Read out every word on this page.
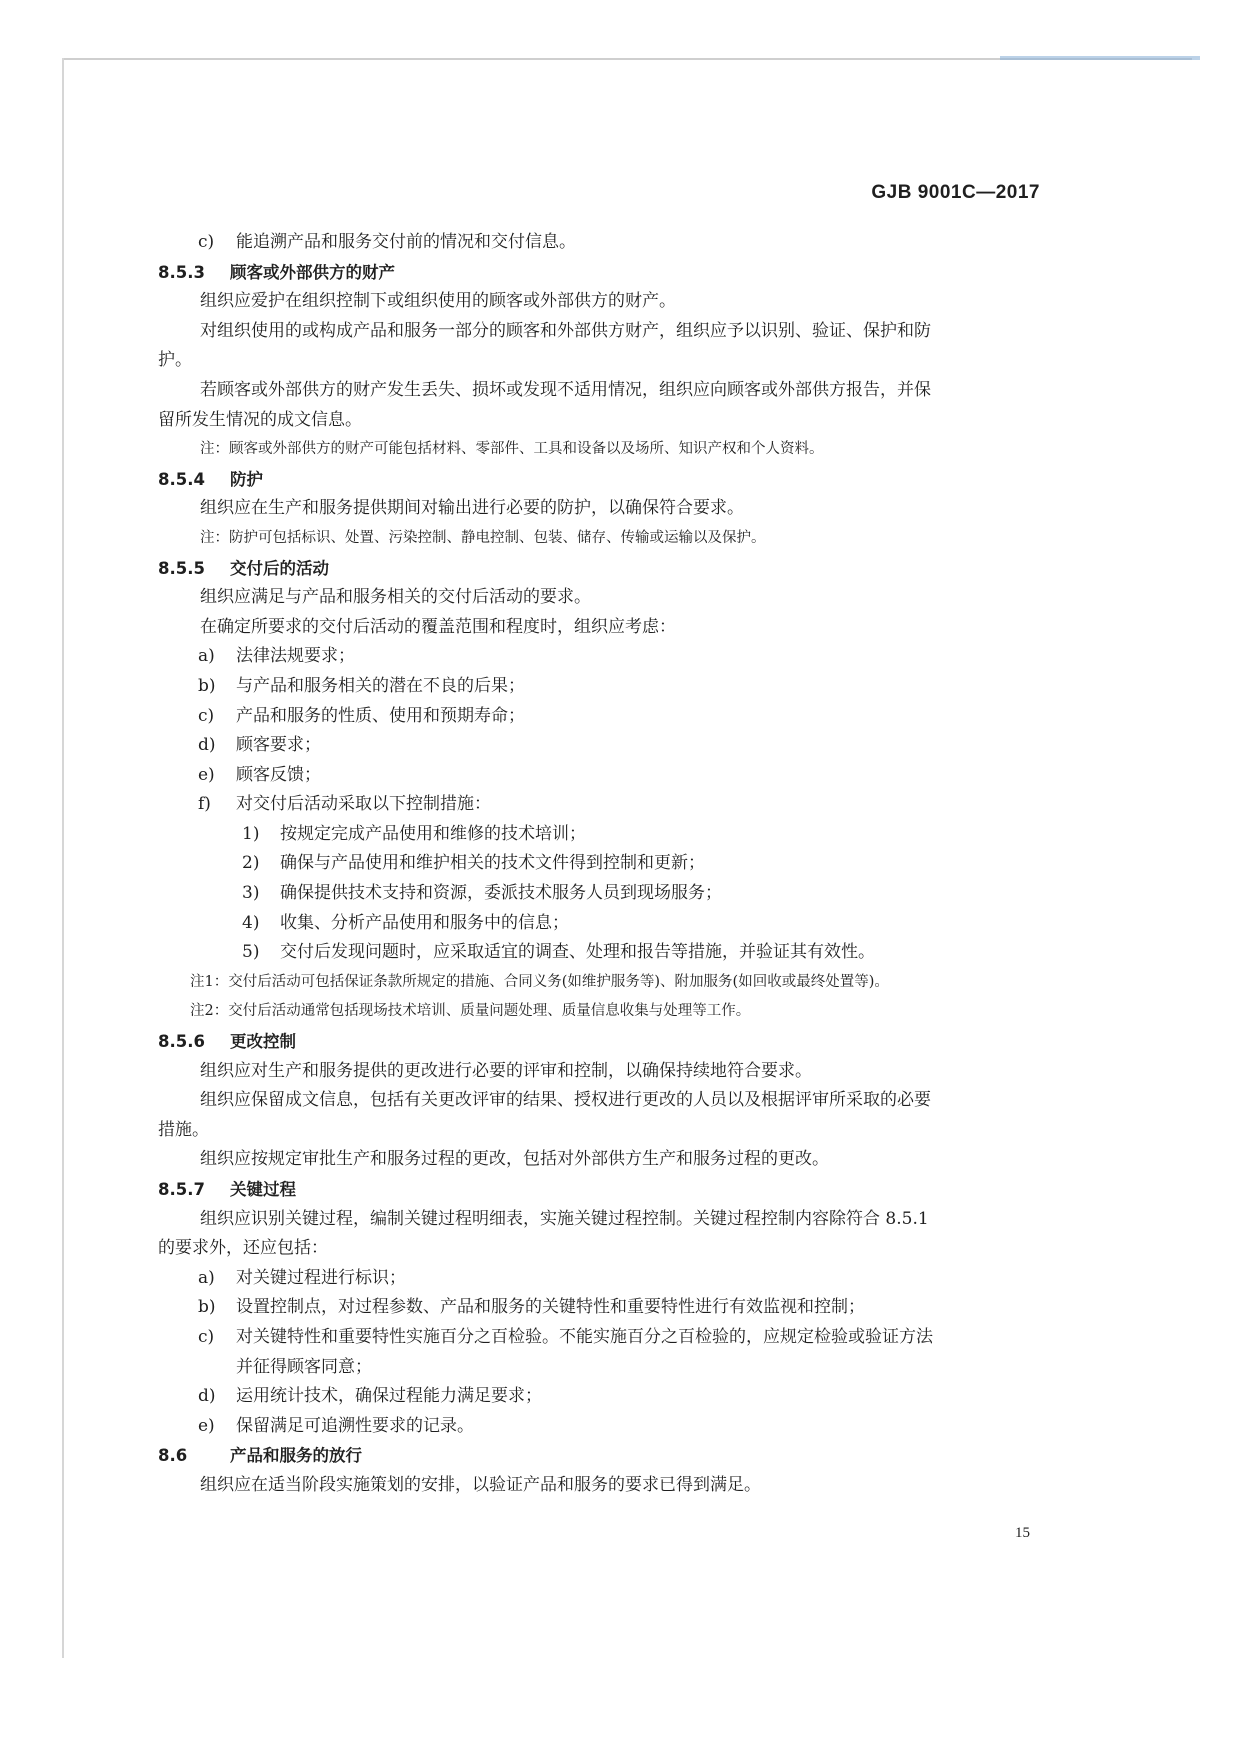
GJB 9001C—2017
c) 能追溯产品和服务交付前的情况和交付信息。
8.5.3 顾客或外部供方的财产
组织应爱护在组织控制下或组织使用的顾客或外部供方的财产。
对组织使用的或构成产品和服务一部分的顾客和外部供方财产，组织应予以识别、验证、保护和防
护。
若顾客或外部供方的财产发生丢失、损坏或发现不适用情况，组织应向顾客或外部供方报告，并保
留所发生情况的成文信息。
注：顾客或外部供方的财产可能包括材料、零部件、工具和设备以及场所、知识产权和个人资料。
8.5.4 防护
组织应在生产和服务提供期间对输出进行必要的防护，以确保符合要求。
注：防护可包括标识、处置、污染控制、静电控制、包装、储存、传输或运输以及保护。
8.5.5 交付后的活动
组织应满足与产品和服务相关的交付后活动的要求。
在确定所要求的交付后活动的覆盖范围和程度时，组织应考虑：
a) 法律法规要求；
b) 与产品和服务相关的潜在不良的后果；
c) 产品和服务的性质、使用和预期寿命；
d) 顾客要求；
e) 顾客反馈；
f) 对交付后活动采取以下控制措施：
1) 按规定完成产品使用和维修的技术培训；
2) 确保与产品使用和维护相关的技术文件得到控制和更新；
3) 确保提供技术支持和资源，委派技术服务人员到现场服务；
4) 收集、分析产品使用和服务中的信息；
5) 交付后发现问题时，应采取适宜的调查、处理和报告等措施，并验证其有效性。
注1：交付后活动可包括保证条款所规定的措施、合同义务(如维护服务等)、附加服务(如回收或最终处置等)。
注2：交付后活动通常包括现场技术培训、质量问题处理、质量信息收集与处理等工作。
8.5.6 更改控制
组织应对生产和服务提供的更改进行必要的评审和控制，以确保持续地符合要求。
组织应保留成文信息，包括有关更改评审的结果、授权进行更改的人员以及根据评审所采取的必要
措施。
组织应按规定审批生产和服务过程的更改，包括对外部供方生产和服务过程的更改。
8.5.7 关键过程
组织应识别关键过程，编制关键过程明细表，实施关键过程控制。关键过程控制内容除符合 8.5.1
的要求外，还应包括：
a) 对关键过程进行标识；
b) 设置控制点，对过程参数、产品和服务的关键特性和重要特性进行有效监视和控制；
c) 对关键特性和重要特性实施百分之百检验。不能实施百分之百检验的，应规定检验或验证方法
并征得顾客同意；
d) 运用统计技术，确保过程能力满足要求；
e) 保留满足可追溯性要求的记录。
8.6	产品和服务的放行
组织应在适当阶段实施策划的安排，以验证产品和服务的要求已得到满足。
15
